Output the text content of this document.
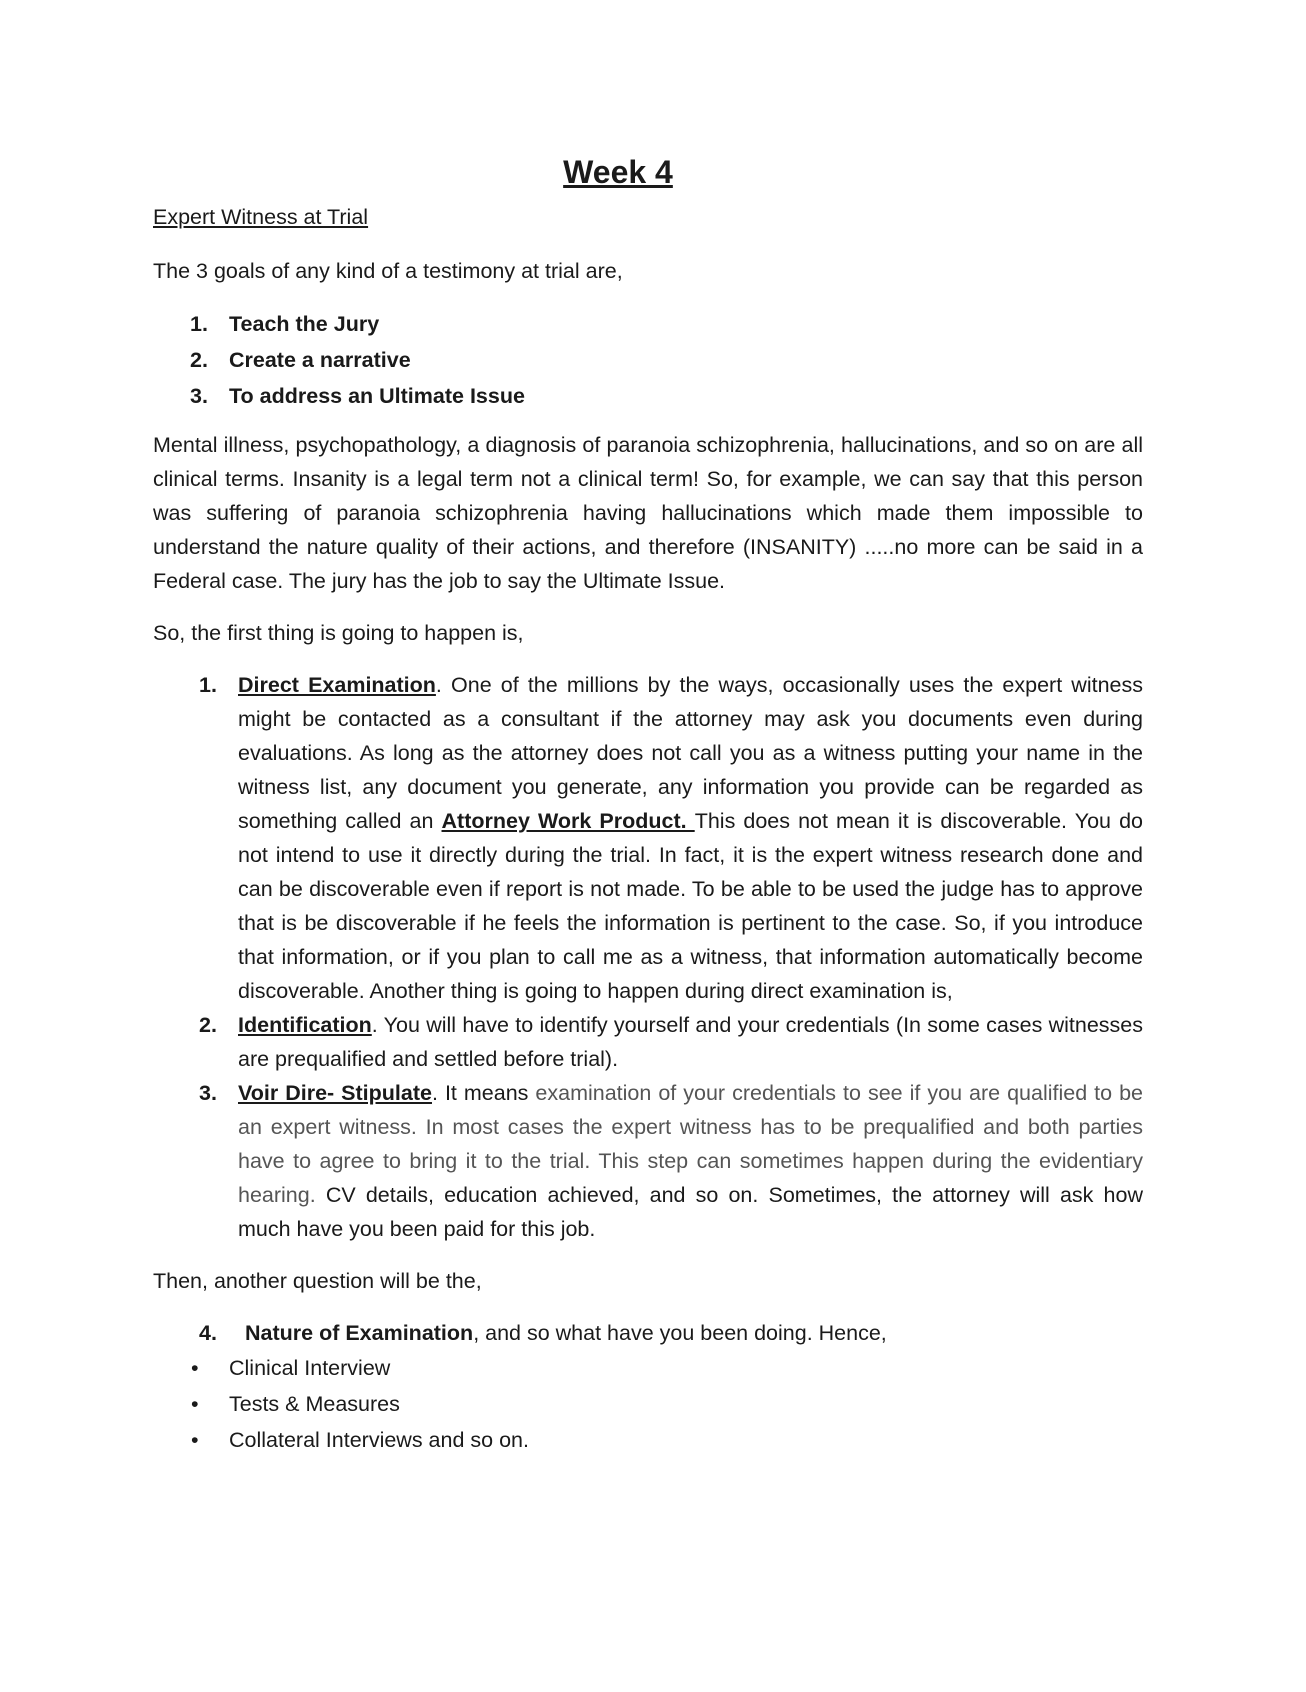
Week 4

Expert Witness at Trial

The 3 goals of any kind of a testimony at trial are,

1. Teach the Jury
2. Create a narrative
3. To address an Ultimate Issue

Mental illness, psychopathology, a diagnosis of paranoia schizophrenia, hallucinations, and so on are all clinical terms. Insanity is a legal term not a clinical term! So, for example, we can say that this person was suffering of paranoia schizophrenia having hallucinations which made them impossible to understand the nature quality of their actions, and therefore (INSANITY) .....no more can be said in a Federal case. The jury has the job to say the Ultimate Issue.

So, the first thing is going to happen is,

1. Direct Examination. One of the millions by the ways, occasionally uses the expert witness might be contacted as a consultant if the attorney may ask you documents even during evaluations. As long as the attorney does not call you as a witness putting your name in the witness list, any document you generate, any information you provide can be regarded as something called an Attorney Work Product. This does not mean it is discoverable. You do not intend to use it directly during the trial. In fact, it is the expert witness research done and can be discoverable even if report is not made. To be able to be used the judge has to approve that is be discoverable if he feels the information is pertinent to the case. So, if you introduce that information, or if you plan to call me as a witness, that information automatically become discoverable. Another thing is going to happen during direct examination is,
2. Identification. You will have to identify yourself and your credentials (In some cases witnesses are prequalified and settled before trial).
3. Voir Dire- Stipulate. It means examination of your credentials to see if you are qualified to be an expert witness. In most cases the expert witness has to be prequalified and both parties have to agree to bring it to the trial. This step can sometimes happen during the evidentiary hearing. CV details, education achieved, and so on. Sometimes, the attorney will ask how much have you been paid for this job.

Then, another question will be the,

4. Nature of Examination, and so what have you been doing. Hence,

• Clinical Interview
• Tests & Measures
• Collateral Interviews and so on.
